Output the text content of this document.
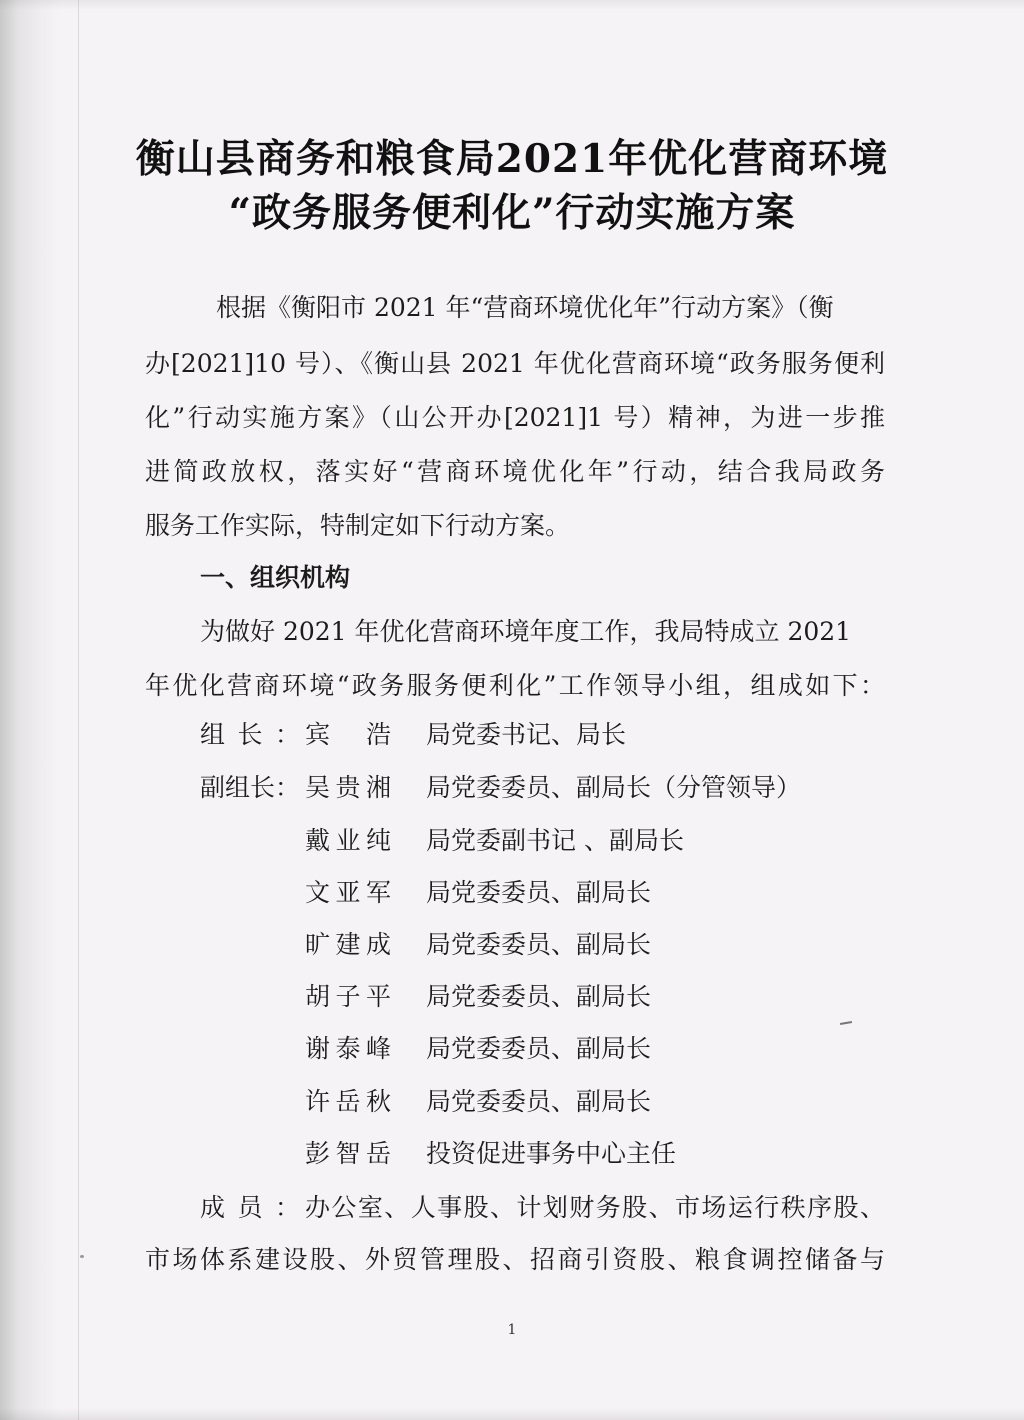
衡山县商务和粮食局2021年优化营商环境
“政务服务便利化”行动实施方案
根据《衡阳市 2021 年“营商环境优化年”行动方案》（衡
办[2021]10 号）、《衡山县 2021 年优化营商环境“政务服务便利
化”行动实施方案》（山公开办[2021]1 号）精神，为进一步推
进简政放权，落实好“营商环境优化年”行动，结合我局政务
服务工作实际，特制定如下行动方案。
一、组织机构
为做好 2021 年优化营商环境年度工作，我局特成立 2021
年优化营商环境“政务服务便利化”工作领导小组，组成如下：
组长： 宾浩 局党委书记、局长
副组长： 吴贵湘 局党委委员、副局长（分管领导）
戴业纯 局党委副书记 、副局长
文亚军 局党委委员、副局长
旷建成 局党委委员、副局长
胡子平 局党委委员、副局长
谢泰峰 局党委委员、副局长
许岳秋 局党委委员、副局长
彭智岳 投资促进事务中心主任
成员： 办公室、人事股、计划财务股、市场运行秩序股、
市场体系建设股、外贸管理股、招商引资股、粮食调控储备与
1
